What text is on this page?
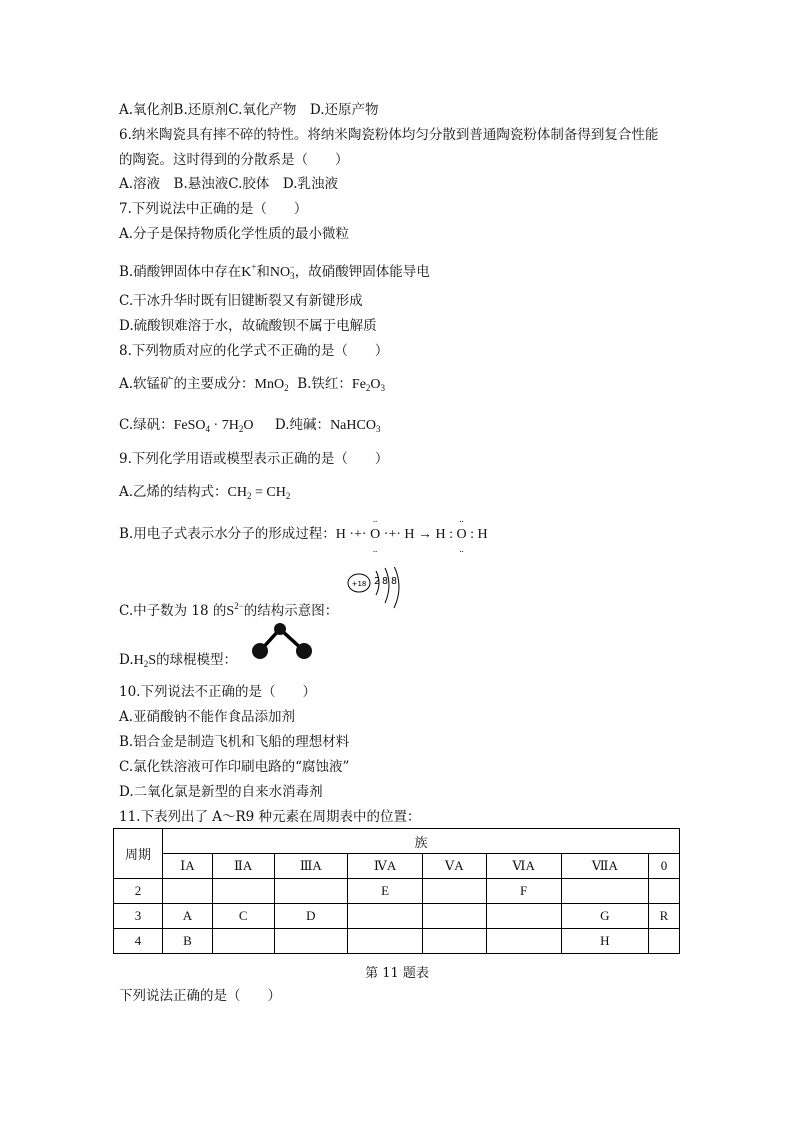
A.氧化剂B.还原剂C.氧化产物　D.还原产物
6.纳米陶瓷具有摔不碎的特性。将纳米陶瓷粉体均匀分散到普通陶瓷粉体制备得到复合性能
的陶瓷。这时得到的分散系是（　　）
A.溶液　B.悬浊液C.胶体　D.乳浊液
7.下列说法中正确的是（　　）
A.分子是保持物质化学性质的最小微粒
B.硝酸钾固体中存在K+和$NO_3^-$，故硝酸钾固体能导电
C.干冰升华时既有旧键断裂又有新键形成
D.硫酸钡难溶于水，故硫酸钡不属于电解质
8.下列物质对应的化学式不正确的是（　　）
A.软锰矿的主要成分：MnO$_2$ B.铁红：$Fe_2O_3$
C.绿矾：FeSO$_4$ · $7H_2O$ D.纯碱：NaHCO$_3$
9.下列化学用语或模型表示正确的是（　　）
A.乙烯的结构式：$CH_2 = CH_2$
B.用电子式表示水分子的形成过程：H ·+· O
ꓸꓸ
ꓸꓸ
·+· H → H : O
ꓸꓸ
ꓸꓸ
: H
+18 2 8 8
C.中子数为 18 的$S^{2-}$的结构示意图：
$D.H_2S$的球棍模型：
10.下列说法不正确的是（　　）
A.亚硝酸钠不能作食品添加剂
B.铝合金是制造飞机和飞船的理想材料
C.氯化铁溶液可作印刷电路的“腐蚀液”
D.二氧化氯是新型的自来水消毒剂
11.下表列出了 A～R9 种元素在周期表中的位置：
周期	族							
	ⅠA	ⅡA	ⅢA	ⅣA	ⅤA	ⅥA	ⅦA	0
2				E		F		
3	A	C	D				G	R
4	B						H	
第 11 题表
下列说法正确的是（　　）
